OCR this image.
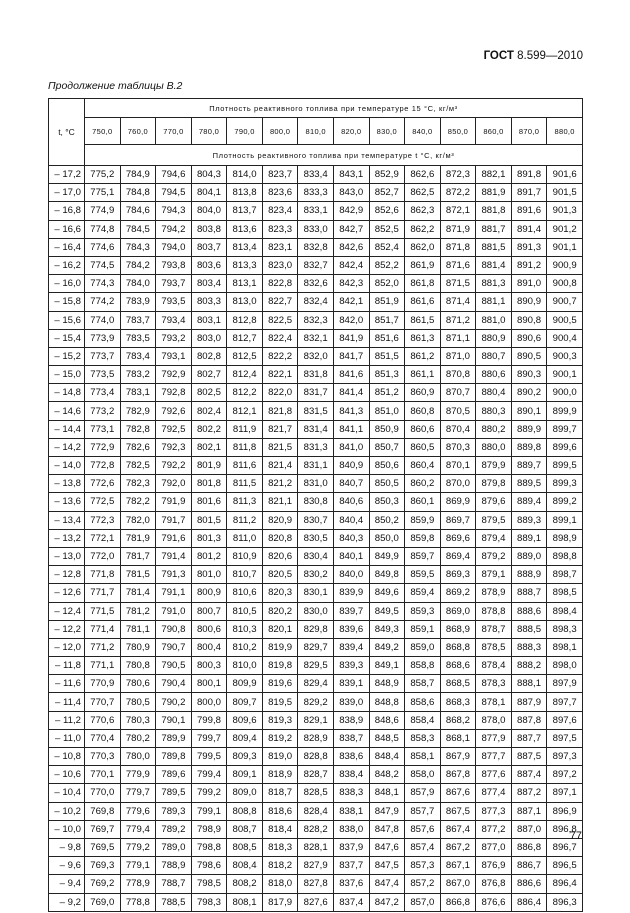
ГОСТ 8.599—2010
Продолжение таблицы В.2
t, °C	Плотность реактивного топлива при температуре 15 °С, кг/м³													
	750,0	760,0	770,0	780,0	790,0	800,0	810,0	820,0	830,0	840,0	850,0	860,0	870,0	880,0
	Плотность реактивного топлива при температуре t °С, кг/м³													
– 17,2	775,2	784,9	794,6	804,3	814,0	823,7	833,4	843,1	852,9	862,6	872,3	882,1	891,8	901,6
– 17,0	775,1	784,8	794,5	804,1	813,8	823,6	833,3	843,0	852,7	862,5	872,2	881,9	891,7	901,5
– 16,8	774,9	784,6	794,3	804,0	813,7	823,4	833,1	842,9	852,6	862,3	872,1	881,8	891,6	901,3
– 16,6	774,8	784,5	794,2	803,8	813,6	823,3	833,0	842,7	852,5	862,2	871,9	881,7	891,4	901,2
– 16,4	774,6	784,3	794,0	803,7	813,4	823,1	832,8	842,6	852,4	862,0	871,8	881,5	891,3	901,1
– 16,2	774,5	784,2	793,8	803,6	813,3	823,0	832,7	842,4	852,2	861,9	871,6	881,4	891,2	900,9
– 16,0	774,3	784,0	793,7	803,4	813,1	822,8	832,6	842,3	852,0	861,8	871,5	881,3	891,0	900,8
– 15,8	774,2	783,9	793,5	803,3	813,0	822,7	832,4	842,1	851,9	861,6	871,4	881,1	890,9	900,7
– 15,6	774,0	783,7	793,4	803,1	812,8	822,5	832,3	842,0	851,7	861,5	871,2	881,0	890,8	900,5
– 15,4	773,9	783,5	793,2	803,0	812,7	822,4	832,1	841,9	851,6	861,3	871,1	880,9	890,6	900,4
– 15,2	773,7	783,4	793,1	802,8	812,5	822,2	832,0	841,7	851,5	861,2	871,0	880,7	890,5	900,3
– 15,0	773,5	783,2	792,9	802,7	812,4	822,1	831,8	841,6	851,3	861,1	870,8	880,6	890,3	900,1
– 14,8	773,4	783,1	792,8	802,5	812,2	822,0	831,7	841,4	851,2	860,9	870,7	880,4	890,2	900,0
– 14,6	773,2	782,9	792,6	802,4	812,1	821,8	831,5	841,3	851,0	860,8	870,5	880,3	890,1	899,9
– 14,4	773,1	782,8	792,5	802,2	811,9	821,7	831,4	841,1	850,9	860,6	870,4	880,2	889,9	899,7
– 14,2	772,9	782,6	792,3	802,1	811,8	821,5	831,3	841,0	850,7	860,5	870,3	880,0	889,8	899,6
– 14,0	772,8	782,5	792,2	801,9	811,6	821,4	831,1	840,9	850,6	860,4	870,1	879,9	889,7	899,5
– 13,8	772,6	782,3	792,0	801,8	811,5	821,2	831,0	840,7	850,5	860,2	870,0	879,8	889,5	899,3
– 13,6	772,5	782,2	791,9	801,6	811,3	821,1	830,8	840,6	850,3	860,1	869,9	879,6	889,4	899,2
– 13,4	772,3	782,0	791,7	801,5	811,2	820,9	830,7	840,4	850,2	859,9	869,7	879,5	889,3	899,1
– 13,2	772,1	781,9	791,6	801,3	811,0	820,8	830,5	840,3	850,0	859,8	869,6	879,4	889,1	898,9
– 13,0	772,0	781,7	791,4	801,2	810,9	820,6	830,4	840,1	849,9	859,7	869,4	879,2	889,0	898,8
– 12,8	771,8	781,5	791,3	801,0	810,7	820,5	830,2	840,0	849,8	859,5	869,3	879,1	888,9	898,7
– 12,6	771,7	781,4	791,1	800,9	810,6	820,3	830,1	839,9	849,6	859,4	869,2	878,9	888,7	898,5
– 12,4	771,5	781,2	791,0	800,7	810,5	820,2	830,0	839,7	849,5	859,3	869,0	878,8	888,6	898,4
– 12,2	771,4	781,1	790,8	800,6	810,3	820,1	829,8	839,6	849,3	859,1	868,9	878,7	888,5	898,3
– 12,0	771,2	780,9	790,7	800,4	810,2	819,9	829,7	839,4	849,2	859,0	868,8	878,5	888,3	898,1
– 11,8	771,1	780,8	790,5	800,3	810,0	819,8	829,5	839,3	849,1	858,8	868,6	878,4	888,2	898,0
– 11,6	770,9	780,6	790,4	800,1	809,9	819,6	829,4	839,1	848,9	858,7	868,5	878,3	888,1	897,9
– 11,4	770,7	780,5	790,2	800,0	809,7	819,5	829,2	839,0	848,8	858,6	868,3	878,1	887,9	897,7
– 11,2	770,6	780,3	790,1	799,8	809,6	819,3	829,1	838,9	848,6	858,4	868,2	878,0	887,8	897,6
– 11,0	770,4	780,2	789,9	799,7	809,4	819,2	828,9	838,7	848,5	858,3	868,1	877,9	887,7	897,5
– 10,8	770,3	780,0	789,8	799,5	809,3	819,0	828,8	838,6	848,4	858,1	867,9	877,7	887,5	897,3
– 10,6	770,1	779,9	789,6	799,4	809,1	818,9	828,7	838,4	848,2	858,0	867,8	877,6	887,4	897,2
– 10,4	770,0	779,7	789,5	799,2	809,0	818,7	828,5	838,3	848,1	857,9	867,6	877,4	887,2	897,1
– 10,2	769,8	779,6	789,3	799,1	808,8	818,6	828,4	838,1	847,9	857,7	867,5	877,3	887,1	896,9
– 10,0	769,7	779,4	789,2	798,9	808,7	818,4	828,2	838,0	847,8	857,6	867,4	877,2	887,0	896,8
– 9,8	769,5	779,2	789,0	798,8	808,5	818,3	828,1	837,9	847,6	857,4	867,2	877,0	886,8	896,7
– 9,6	769,3	779,1	788,9	798,6	808,4	818,2	827,9	837,7	847,5	857,3	867,1	876,9	886,7	896,5
– 9,4	769,2	778,9	788,7	798,5	808,2	818,0	827,8	837,6	847,4	857,2	867,0	876,8	886,6	896,4
– 9,2	769,0	778,8	788,5	798,3	808,1	817,9	827,6	837,4	847,2	857,0	866,8	876,6	886,4	896,3
77
